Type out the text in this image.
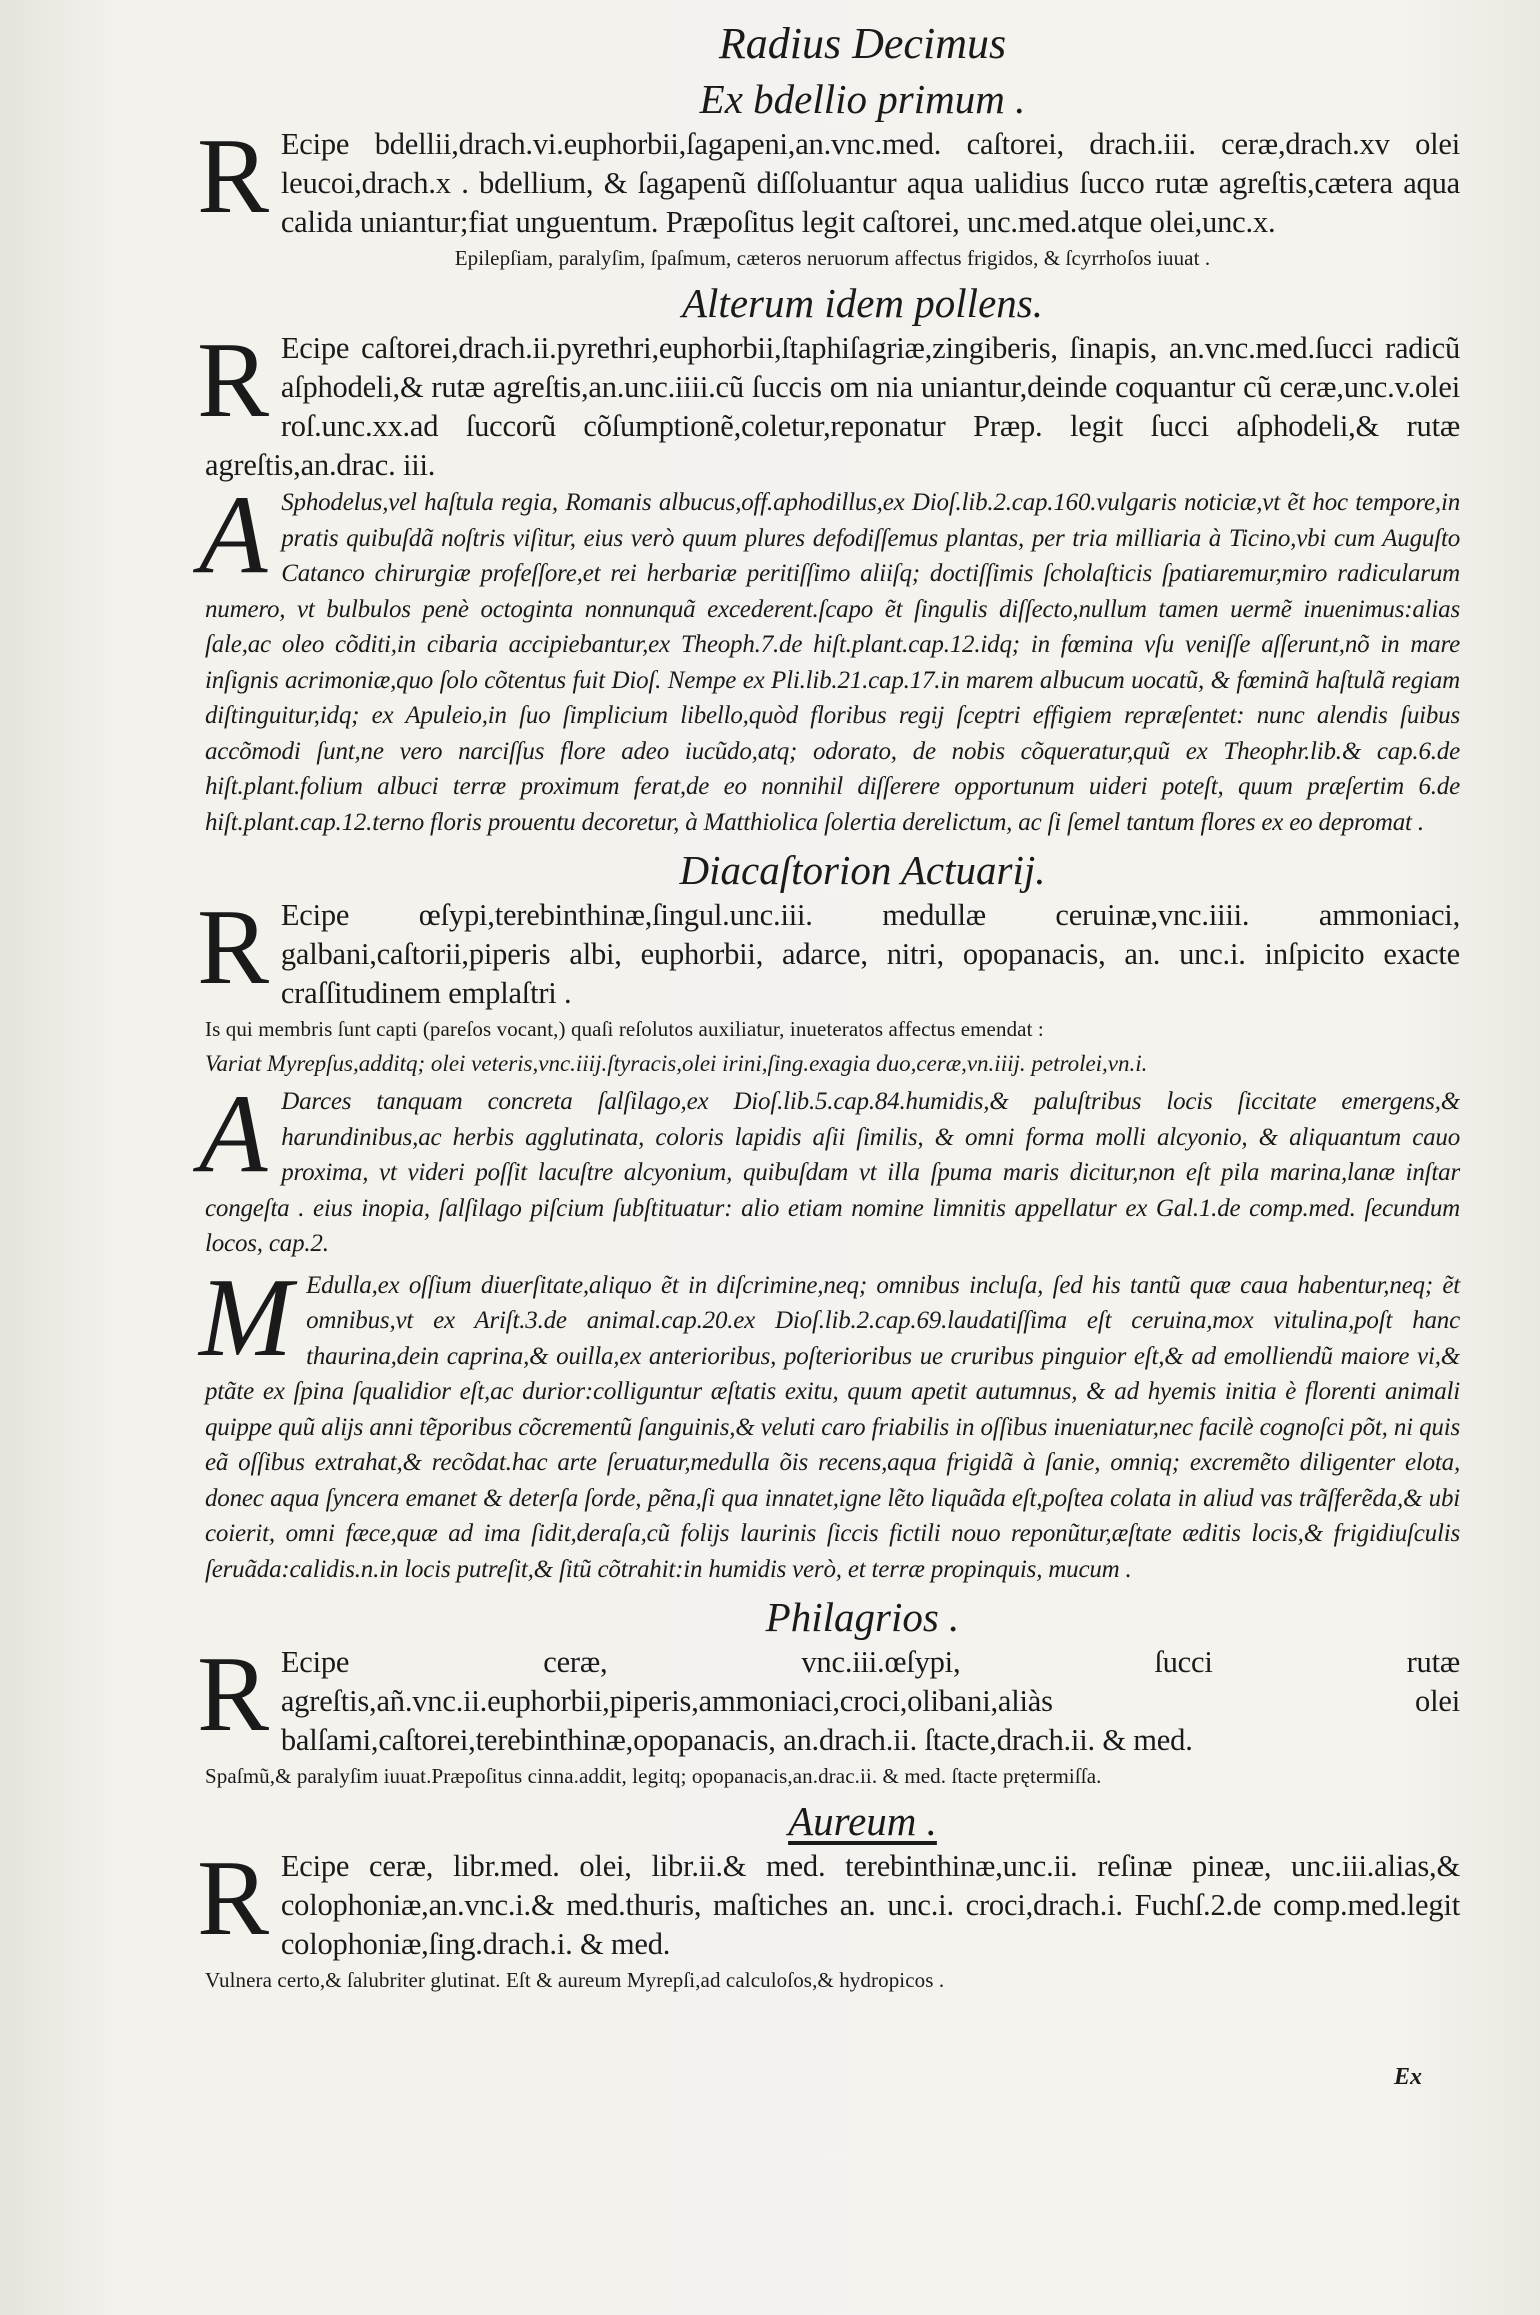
Radius Decimus
Ex bdellio primum .

R Ecipe bdellii,drach.vi.euphorbii,ſagapeni,an.vnc.med. caſtorei, drach.iii. ceræ,drach.xv olei leucoi,drach.x . bdellium, & ſagapenũ diſſoluantur aqua ualidius ſucco rutæ agreſtis,cætera aqua calida uniantur;fiat unguentum. Præpoſitus legit caſtorei, unc.med.atque olei,unc.x.

Epilepſiam, paralyſim, ſpaſmum, cæteros neruorum affectus frigidos, & ſcyrrhoſos iuuat .
Alterum idem pollens.

R Ecipe caſtorei,drach.ii.pyrethri,euphorbii,ſtaphiſagriæ,zingiberis, ſinapis, an.vnc.med.ſucci radicũ aſphodeli,& rutæ agreſtis,an.unc.iiii.cũ ſuccis om nia uniantur,deinde coquantur cũ ceræ,unc.v.olei roſ.unc.xx.ad ſuccorũ cõſumptionẽ,coletur,reponatur Præp. legit ſucci aſphodeli,& rutæ agreſtis,an.drac. iii.

A Sphodelus,vel haſtula regia, Romanis albucus,off.aphodillus,ex Dioſ.lib.2.cap.160.vulgaris noticiæ,vt ẽt hoc tempore,in pratis quibuſdã noſtris viſitur, eius verò quum plures defodiſſemus plantas, per tria milliaria à Ticino,vbi cum Auguſto Catanco chirurgiæ profeſſore,et rei herbariæ peritiſſimo aliiſq; doctiſſimis ſcholaſticis ſpatiaremur,miro radicularum numero, vt bulbulos penè octoginta nonnunquã excederent.ſcapo ẽt ſingulis diſſecto,nullum tamen uermẽ inuenimus:alias ſale,ac oleo cõditi,in cibaria accipiebantur,ex Theoph.7.de hiſt.plant.cap.12.idq; in fœmina vſu veniſſe aſſerunt,nõ in mare inſignis acrimoniæ,quo ſolo cõtentus fuit Dioſ. Nempe ex Pli.lib.21.cap.17.in marem albucum uocatũ, & fœminã haſtulã regiam diſtinguitur,idq; ex Apuleio,in ſuo ſimplicium libello,quòd floribus regij ſceptri effigiem repræſentet: nunc alendis ſuibus accõmodi ſunt,ne vero narciſſus flore adeo iucũdo,atq; odorato, de nobis cõqueratur,quũ ex Theophr.lib.& cap.6.de hiſt.plant.folium albuci terræ proximum ferat,de eo nonnihil diſſerere opportunum uideri poteſt, quum præſertim 6.de hiſt.plant.cap.12.terno floris prouentu decoretur, à Matthiolica ſolertia derelictum, ac ſi ſemel tantum flores ex eo depromat .

Diacaſtorion Actuarij.

R Ecipe œſypi,terebinthinæ,ſingul.unc.iii. medullæ ceruinæ,vnc.iiii. ammoniaci, galbani,caſtorii,piperis albi, euphorbii, adarce, nitri, opopanacis, an. unc.i. inſpicito exacte craſſitudinem emplaſtri .

Is qui membris ſunt capti (pareſos vocant,) quaſi reſolutos auxiliatur, inueteratos affectus emendat :
Variat Myrepſus,additq; olei veteris,vnc.iiij.ſtyracis,olei irini,ſing.exagia duo,ceræ,vn.iiij. petrolei,vn.i.

A Darces tanquam concreta ſalſilago,ex Dioſ.lib.5.cap.84.humidis,& paluſtribus locis ſiccitate emergens,& harundinibus,ac herbis agglutinata, coloris lapidis aſii ſimilis, & omni forma molli alcyonio, & aliquantum cauo proxima, vt videri poſſit lacuſtre alcyonium, quibuſdam vt illa ſpuma maris dicitur,non eſt pila marina,lanæ inſtar congeſta . eius inopia, ſalſilago piſcium ſubſtituatur: alio etiam nomine limnitis appellatur ex Gal.1.de comp.med. ſecundum locos, cap.2.

M Edulla,ex oſſium diuerſitate,aliquo ẽt in diſcrimine,neq; omnibus incluſa, ſed his tantũ quæ caua habentur,neq; ẽt omnibus,vt ex Ariſt.3.de animal.cap.20.ex Dioſ.lib.2.cap.69.laudatiſſima eſt ceruina,mox vitulina,poſt hanc thaurina,dein caprina,& ouilla,ex anterioribus, poſterioribus ue cruribus pinguior eſt,& ad emolliendũ maiore vi,& ptãte ex ſpina ſqualidior eſt,ac durior:colliguntur æſtatis exitu, quum apetit autumnus, & ad hyemis initia è florenti animali quippe quũ alijs anni tẽporibus cõcrementũ ſanguinis,& veluti caro friabilis in oſſibus inueniatur,nec facilè cognoſci põt, ni quis eã oſſibus extrahat,& recõdat.hac arte ſeruatur,medulla õis recens,aqua frigidã à ſanie, omniq; excremẽto diligenter elota, donec aqua ſyncera emanet & deterſa ſorde, pẽna,ſi qua innatet,igne lẽto liquãda eſt,poſtea colata in aliud vas trãſferẽda,& ubi coierit, omni fæce,quæ ad ima ſidit,deraſa,cũ folijs laurinis ſiccis fictili nouo reponũtur,æſtate æditis locis,& frigidiuſculis ſeruãda:calidis.n.in locis putreſit,& ſitũ cõtrahit:in humidis verò, et terræ propinquis, mucum .

Philagrios .

R Ecipe ceræ, vnc.iii.œſypi, ſucci rutæ agreſtis,añ.vnc.ii.euphorbii,piperis,ammoniaci,croci,olibani,aliàs olei balſami,caſtorei,terebinthinæ,opopanacis, an.drach.ii. ſtacte,drach.ii. & med.

Spaſmũ,& paralyſim iuuat.Præpoſitus cinna.addit, legitq; opopanacis,an.drac.ii. & med. ſtacte prętermiſſa.
Aureum .

R Ecipe ceræ, libr.med. olei, libr.ii.& med. terebinthinæ,unc.ii. reſinæ pineæ, unc.iii.alias,& colophoniæ,an.vnc.i.& med.thuris, maſtiches an. unc.i. croci,drach.i. Fuchſ.2.de comp.med.legit colophoniæ,ſing.drach.i. & med.

Vulnera certo,& ſalubriter glutinat. Eſt & aureum Myrepſi,ad calculoſos,& hydropicos .
Ex
